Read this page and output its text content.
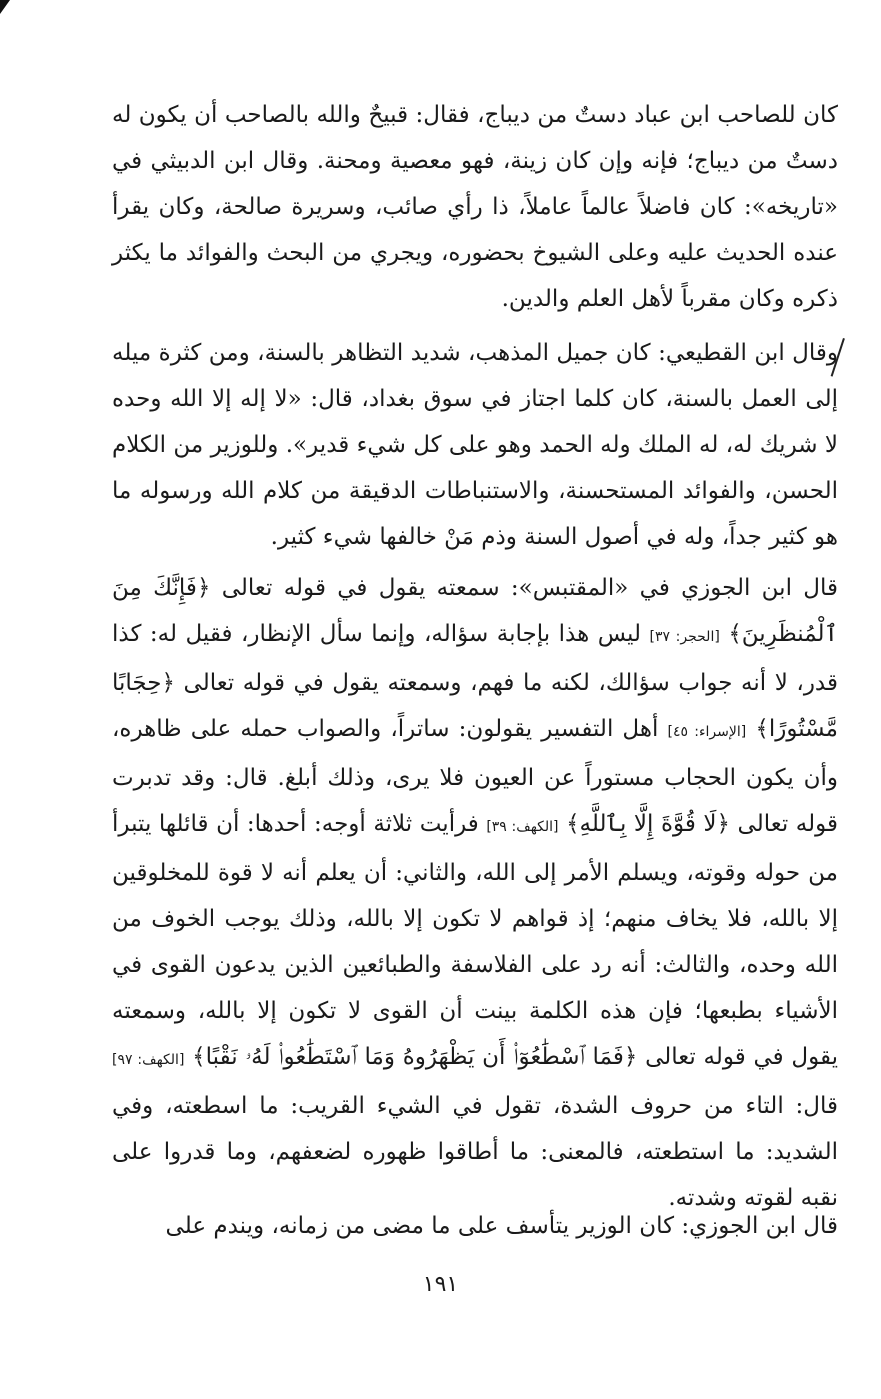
كان للصاحب ابن عباد دستٌ من ديباج، فقال: قبيحٌ والله بالصاحب أن يكون له دستٌ من ديباج؛ فإنه وإن كان زينة، فهو معصية ومحنة. وقال ابن الدبيثي في «تاريخه»: كان فاضلاً عالماً عاملاً، ذا رأي صائب، وسريرة صالحة، وكان يقرأ عنده الحديث عليه وعلى الشيوخ بحضوره، ويجري من البحث والفوائد ما يكثر ذكره وكان مقرباً لأهل العلم والدين.
وقال ابن القطيعي: كان جميل المذهب، شديد التظاهر بالسنة، ومن كثرة ميله إلى العمل بالسنة، كان كلما اجتاز في سوق بغداد، قال: «لا إله إلا الله وحده لا شريك له، له الملك وله الحمد وهو على كل شيء قدير». وللوزير من الكلام الحسن، والفوائد المستحسنة، والاستنباطات الدقيقة من كلام الله ورسوله ما هو كثير جداً، وله في أصول السنة وذم مَنْ خالفها شيء كثير.
قال ابن الجوزي في «المقتبس»: سمعته يقول في قوله تعالى ﴿فَإِنَّكَ مِنَ ٱلْمُنظَرِينَ﴾ [الحجر: ٣٧] ليس هذا بإجابة سؤاله، وإنما سأل الإنظار، فقيل له: كذا قدر، لا أنه جواب سؤالك، لكنه ما فهم، وسمعته يقول في قوله تعالى ﴿حِجَابًا مَّسْتُورًا﴾ [الإسراء: ٤٥] أهل التفسير يقولون: ساتراً، والصواب حمله على ظاهره، وأن يكون الحجاب مستوراً عن العيون فلا يرى، وذلك أبلغ. قال: وقد تدبرت قوله تعالى ﴿لَا قُوَّةَ إِلَّا بِٱللَّهِ﴾ [الكهف: ٣٩] فرأيت ثلاثة أوجه: أحدها: أن قائلها يتبرأ من حوله وقوته، ويسلم الأمر إلى الله، والثاني: أن يعلم أنه لا قوة للمخلوقين إلا بالله، فلا يخاف منهم؛ إذ قواهم لا تكون إلا بالله، وذلك يوجب الخوف من الله وحده، والثالث: أنه رد على الفلاسفة والطبائعين الذين يدعون القوى في الأشياء بطبعها؛ فإن هذه الكلمة بينت أن القوى لا تكون إلا بالله، وسمعته يقول في قوله تعالى ﴿فَمَا ٱسْطَٰعُوٓا۟ أَن يَظْهَرُوهُ وَمَا ٱسْتَطَٰعُوا۟ لَهُۥ نَقْبًا﴾ [الكهف: ٩٧] قال: التاء من حروف الشدة، تقول في الشيء القريب: ما اسطعته، وفي الشديد: ما استطعته، فالمعنى: ما أطاقوا ظهوره لضعفهم، وما قدروا على نقبه لقوته وشدته.
قال ابن الجوزي: كان الوزير يتأسف على ما مضى من زمانه، ويندم على
١٩١
